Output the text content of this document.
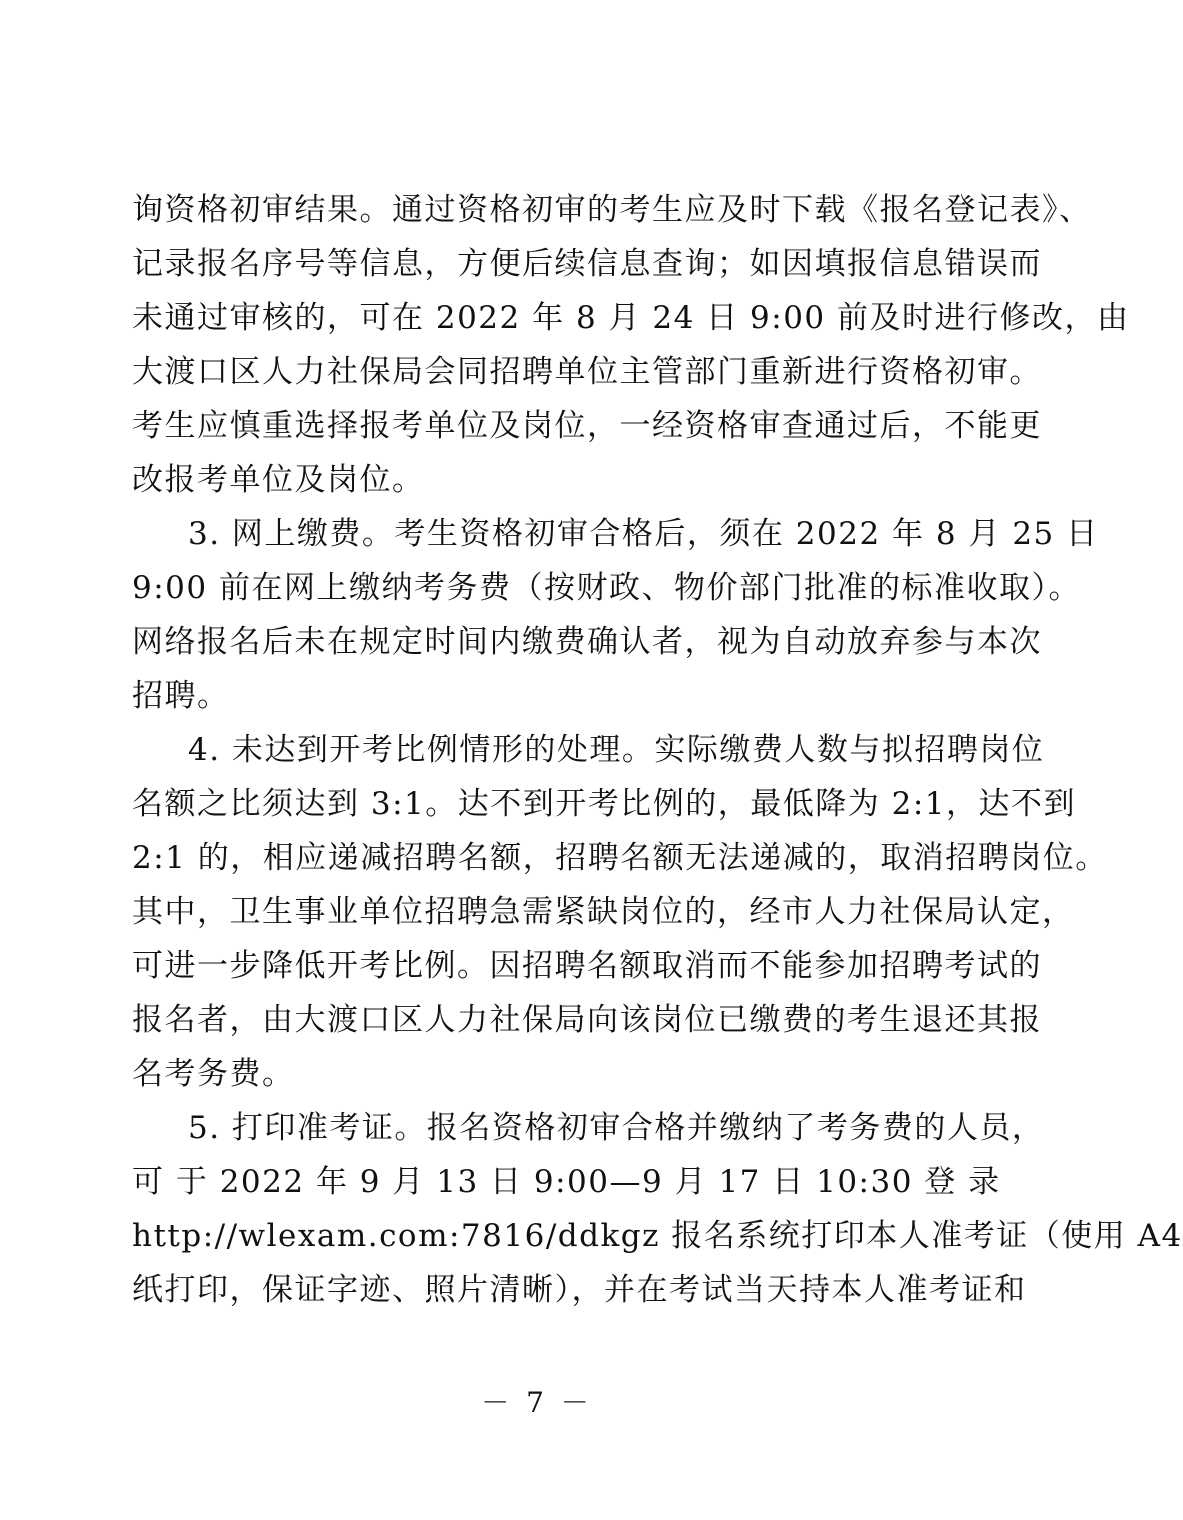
询资格初审结果。通过资格初审的考生应及时下载《报名登记表》、
记录报名序号等信息，方便后续信息查询；如因填报信息错误而
未通过审核的，可在 2022 年 8 月 24 日 9:00 前及时进行修改，由
大渡口区人力社保局会同招聘单位主管部门重新进行资格初审。
考生应慎重选择报考单位及岗位，一经资格审查通过后，不能更
改报考单位及岗位。
3. 网上缴费。考生资格初审合格后，须在 2022 年 8 月 25 日
9:00 前在网上缴纳考务费（按财政、物价部门批准的标准收取）。
网络报名后未在规定时间内缴费确认者，视为自动放弃参与本次
招聘。
4. 未达到开考比例情形的处理。实际缴费人数与拟招聘岗位
名额之比须达到 3:1。达不到开考比例的，最低降为 2:1，达不到
2:1 的，相应递减招聘名额，招聘名额无法递减的，取消招聘岗位。
其中，卫生事业单位招聘急需紧缺岗位的，经市人力社保局认定，
可进一步降低开考比例。因招聘名额取消而不能参加招聘考试的
报名者，由大渡口区人力社保局向该岗位已缴费的考生退还其报
名考务费。
5. 打印准考证。报名资格初审合格并缴纳了考务费的人员，
可 于 2022 年 9 月 13 日 9:00—9 月 17 日 10:30 登 录
http://wlexam.com:7816/ddkgz 报名系统打印本人准考证（使用 A4
纸打印，保证字迹、照片清晰），并在考试当天持本人准考证和
－ 7 －
